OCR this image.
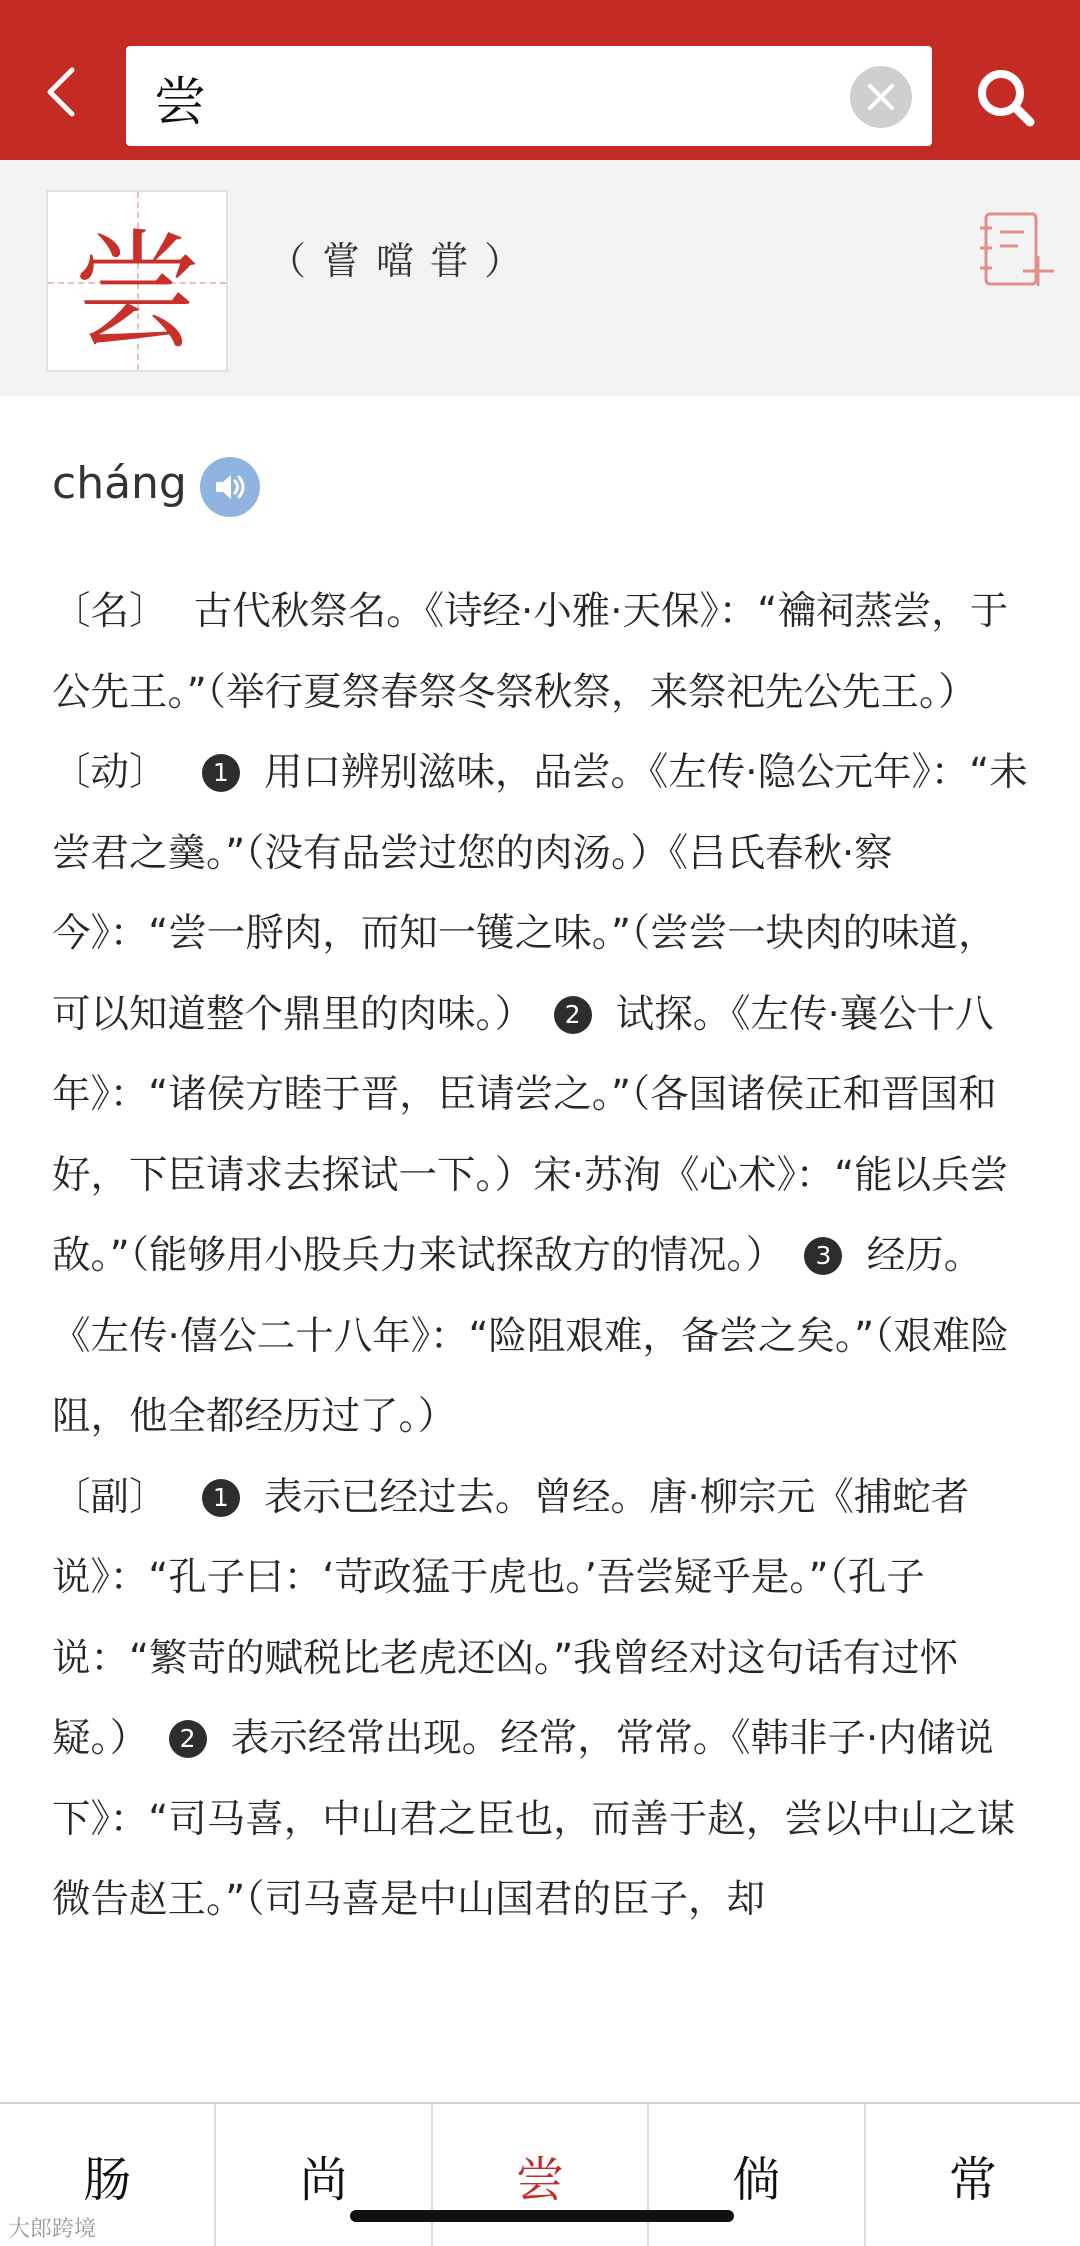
尝
尝	（嘗噹甞）
cháng

〔名〕 古代秋祭名。《诗经·小雅·天保》：“禴祠蒸尝，于公先王。”（举行夏祭春祭冬祭秋祭，来祭祀先公先王。）

〔动〕 1 用口辨别滋味，品尝。《左传·隐公元年》：“未尝君之羹。”（没有品尝过您的肉汤。）《吕氏春秋·察今》：“尝一脟肉，而知一镬之味。”（尝尝一块肉的味道，可以知道整个鼎里的肉味。） 2 试探。《左传·襄公十八年》：“诸侯方睦于晋，臣请尝之。”（各国诸侯正和晋国和好，下臣请求去探试一下。）宋·苏洵《心术》：“能以兵尝敌。”（能够用小股兵力来试探敌方的情况。） 3 经历。《左传·僖公二十八年》：“险阻艰难，备尝之矣。”（艰难险阻，他全都经历过了。）

〔副〕 1 表示已经过去。曾经。唐·柳宗元《捕蛇者说》：“孔子曰：‘苛政猛于虎也。’吾尝疑乎是。”（孔子说：“繁苛的赋税比老虎还凶。”我曾经对这句话有过怀疑。） 2 表示经常出现。经常，常常。《韩非子·内储说下》：“司马喜，中山君之臣也，而善于赵，尝以中山之谋微告赵王。”（司马喜是中山国君的臣子，却

肠	尚	尝	倘	常
大郎跨境
